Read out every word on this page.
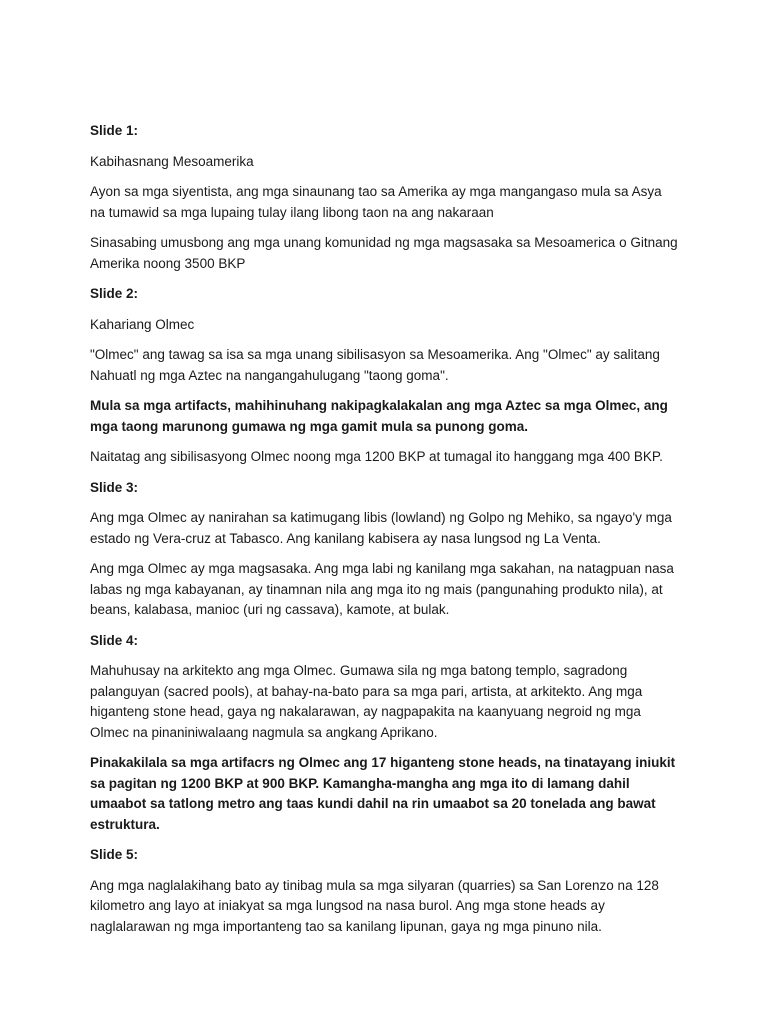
Slide 1:

Kabihasnang Mesoamerika

Ayon sa mga siyentista, ang mga sinaunang tao sa Amerika ay mga mangangaso mula sa Asya na tumawid sa mga lupaing tulay ilang libong taon na ang nakaraan

Sinasabing umusbong ang mga unang komunidad ng mga magsasaka sa Mesoamerica o Gitnang Amerika noong 3500 BKP

Slide 2:

Kahariang Olmec

"Olmec" ang tawag sa isa sa mga unang sibilisasyon sa Mesoamerika. Ang "Olmec" ay salitang Nahuatl ng mga Aztec na nangangahulugang "taong goma".

Mula sa mga artifacts, mahihinuhang nakipagkalakalan ang mga Aztec sa mga Olmec, ang mga taong marunong gumawa ng mga gamit mula sa punong goma.

Naitatag ang sibilisasyong Olmec noong mga 1200 BKP at tumagal ito hanggang mga 400 BKP.

Slide 3:

Ang mga Olmec ay nanirahan sa katimugang libis (lowland) ng Golpo ng Mehiko, sa ngayo'y mga estado ng Vera-cruz at Tabasco. Ang kanilang kabisera ay nasa lungsod ng La Venta.

Ang mga Olmec ay mga magsasaka. Ang mga labi ng kanilang mga sakahan, na natagpuan nasa labas ng mga kabayanan, ay tinamnan nila ang mga ito ng mais (pangunahing produkto nila), at beans, kalabasa, manioc (uri ng cassava), kamote, at bulak.

Slide 4:

Mahuhusay na arkitekto ang mga Olmec. Gumawa sila ng mga batong templo, sagradong palanguyan (sacred pools), at bahay-na-bato para sa mga pari, artista, at arkitekto. Ang mga higanteng stone head, gaya ng nakalarawan, ay nagpapakita na kaanyuang negroid ng mga Olmec na pinaniniwalaang nagmula sa angkang Aprikano.

Pinakakilala sa mga artifacrs ng Olmec ang 17 higanteng stone heads, na tinatayang iniukit sa pagitan ng 1200 BKP at 900 BKP. Kamangha-mangha ang mga ito di lamang dahil umaabot sa tatlong metro ang taas kundi dahil na rin umaabot sa 20 tonelada ang bawat estruktura.

Slide 5:

Ang mga naglalakihang bato ay tinibag mula sa mga silyaran (quarries) sa San Lorenzo na 128 kilometro ang layo at iniakyat sa mga lungsod na nasa burol. Ang mga stone heads ay naglalarawan ng mga importanteng tao sa kanilang lipunan, gaya ng mga pinuno nila.
